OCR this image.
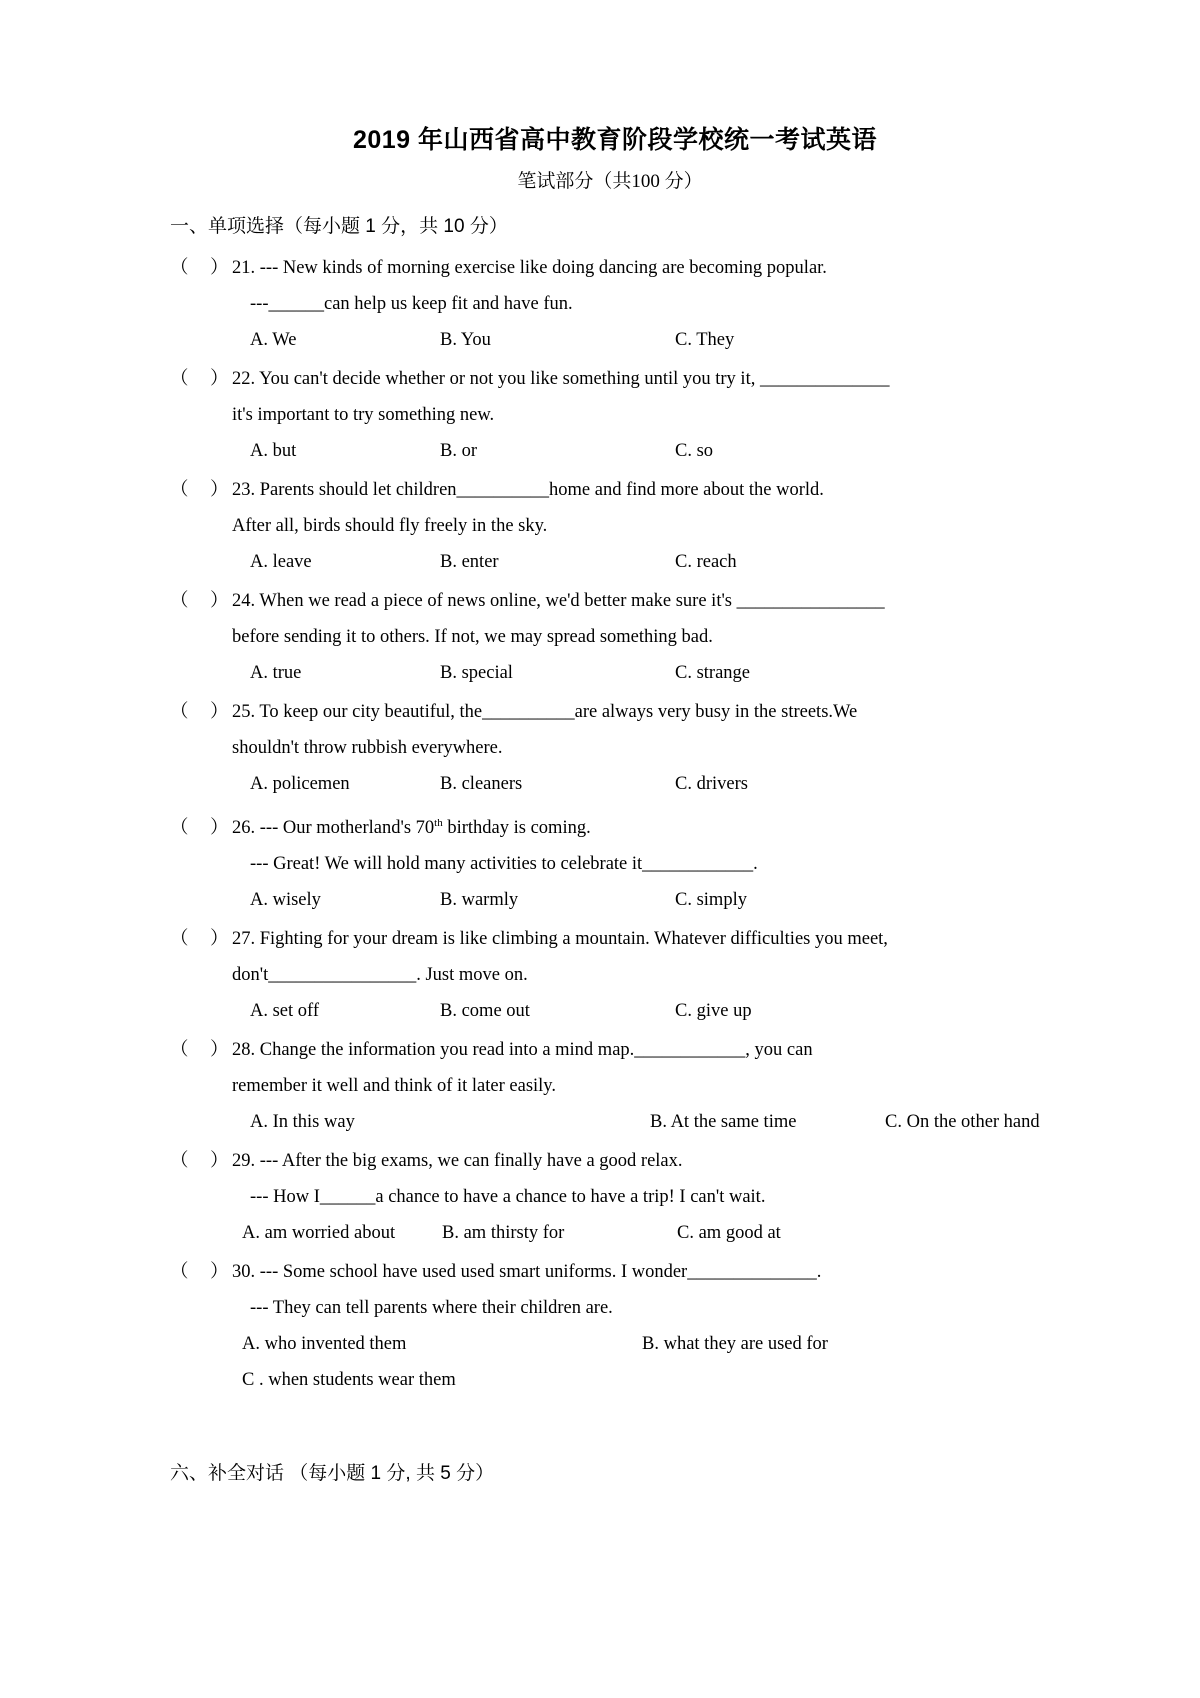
2019 年山西省高中教育阶段学校统一考试英语
笔试部分（共100 分）
一、单项选择（每小题 1 分，共 10 分）
（ ） 21. --- New kinds of morning exercise like doing dancing are becoming popular.
---______can help us keep fit and have fun.
A. We	B. You	C. They
（ ） 22. You can't decide whether or not you like something until you try it, ______________
it's important to try something new.
A. but	B. or	C. so
（ ） 23. Parents should let children__________home and find more about the world.
After all, birds should fly freely in the sky.
A. leave	B. enter	C. reach
（ ） 24. When we read a piece of news online, we'd better make sure it's ________________
before sending it to others. If not, we may spread something bad.
A. true	B. special	C. strange
（ ） 25. To keep our city beautiful, the__________are always very busy in the streets.We
shouldn't throw rubbish everywhere.
A. policemen	B. cleaners	C. drivers
（ ） 26. --- Our motherland's 70th birthday is coming.
--- Great! We will hold many activities to celebrate it____________.
A. wisely	B. warmly	C. simply
（ ） 27. Fighting for your dream is like climbing a mountain. Whatever difficulties you meet,
don't________________. Just move on.
A. set off	B. come out	C. give up
（ ） 28. Change the information you read into a mind map.____________, you can
remember it well and think of it later easily.
A. In this way	B. At the same time	C. On the other hand
（ ） 29. --- After the big exams, we can finally have a good relax.
--- How I______a chance to have a chance to have a trip! I can't wait.
A. am worried about	B. am thirsty for	C. am good at
（ ） 30. --- Some school have used used smart uniforms. I wonder______________.
--- They can tell parents where their children are.
A. who invented them	B. what they are used for
C . when students wear them
六、补全对话 （每小题 1 分, 共 5 分）
